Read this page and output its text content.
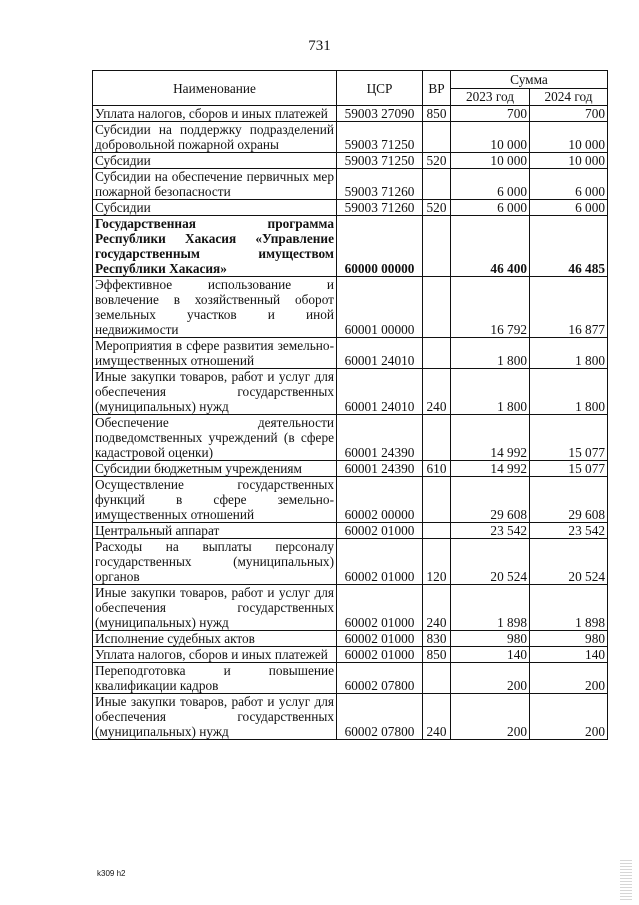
731
Наименование	ЦСР	ВР	Сумма	
			2023 год	2024 год
Уплата налогов, сборов и иных платежей	59003 27090	850	700	700
Субсидии на поддержку подразделений добровольной пожарной охраны	59003 71250		10 000	10 000
Субсидии	59003 71250	520	10 000	10 000
Субсидии на обеспечение первичных мер пожарной безопасности	59003 71260		6 000	6 000
Субсидии	59003 71260	520	6 000	6 000
Государственная программа Республики Хакасия «Управление государственным имуществом Республики Хакасия»	60000 00000		46 400	46 485
Эффективное использование и вовлечение в хозяйственный оборот земельных участков и иной недвижимости	60001 00000		16 792	16 877
Мероприятия в сфере развития земельно-имущественных отношений	60001 24010		1 800	1 800
Иные закупки товаров, работ и услуг для обеспечения государственных (муниципальных) нужд	60001 24010	240	1 800	1 800
Обеспечение деятельности подведомственных учреждений (в сфере кадастровой оценки)	60001 24390		14 992	15 077
Субсидии бюджетным учреждениям	60001 24390	610	14 992	15 077
Осуществление государственных функций в сфере земельно-имущественных отношений	60002 00000		29 608	29 608
Центральный аппарат	60002 01000		23 542	23 542
Расходы на выплаты персоналу государственных (муниципальных) органов	60002 01000	120	20 524	20 524
Иные закупки товаров, работ и услуг для обеспечения государственных (муниципальных) нужд	60002 01000	240	1 898	1 898
Исполнение судебных актов	60002 01000	830	980	980
Уплата налогов, сборов и иных платежей	60002 01000	850	140	140
Переподготовка и повышение квалификации кадров	60002 07800		200	200
Иные закупки товаров, работ и услуг для обеспечения государственных (муниципальных) нужд	60002 07800	240	200	200
k309 h2
